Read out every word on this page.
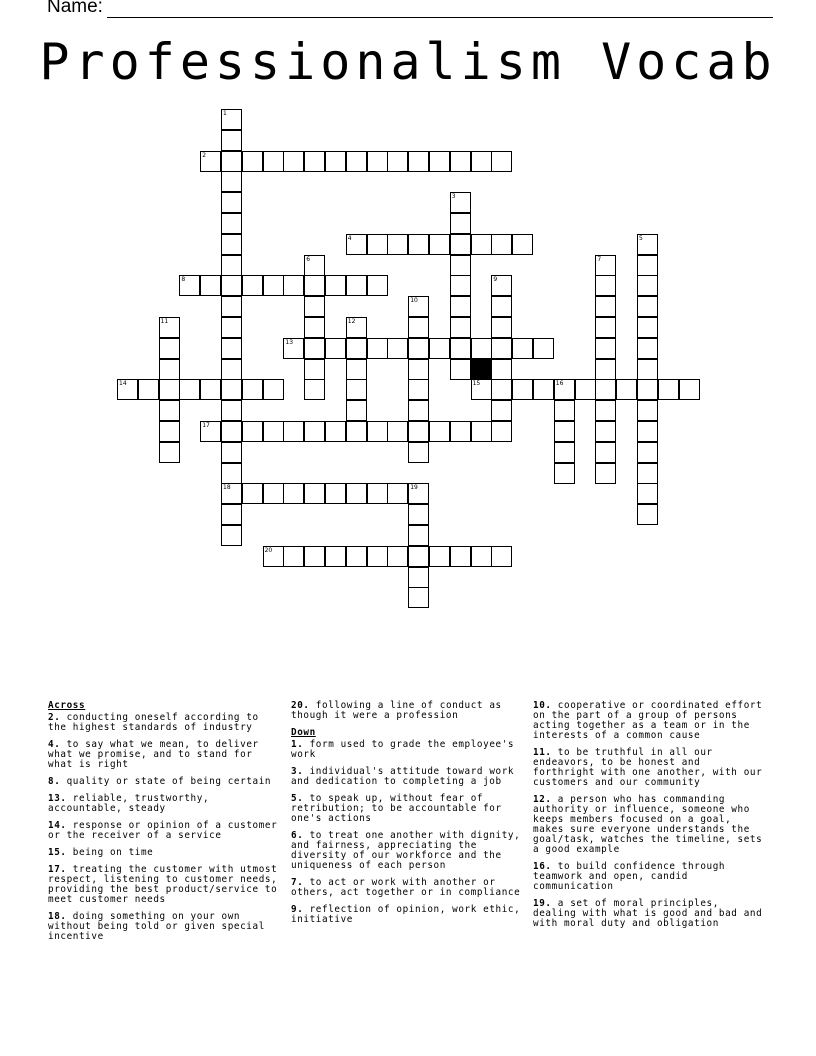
Name:
Professionalism Vocab
2
4
8
13
14	15	16
17
18	19
20
1
3
5
6	7
9
10
11	12
Across
2. conducting oneself according to the highest standards of industry
4. to say what we mean, to deliver what we promise, and to stand for what is right
8. quality or state of being certain
13. reliable, trustworthy, accountable, steady
14. response or opinion of a customer or the receiver of a service
15. being on time
17. treating the customer with utmost respect, listening to customer needs, providing the best product/service to meet customer needs
18. doing something on your own without being told or given special incentive
20. following a line of conduct as though it were a profession
Down
1. form used to grade the employee's work
3. individual's attitude toward work and dedication to completing a job
5. to speak up, without fear of retribution; to be accountable for one's actions
6. to treat one another with dignity, and fairness, appreciating the diversity of our workforce and the uniqueness of each person
7. to act or work with another or others, act together or in compliance
9. reflection of opinion, work ethic, initiative
10. cooperative or coordinated effort on the part of a group of persons acting together as a team or in the interests of a common cause
11. to be truthful in all our endeavors, to be honest and forthright with one another, with our customers and our community
12. a person who has commanding authority or influence, someone who keeps members focused on a goal, makes sure everyone understands the goal/task, watches the timeline, sets a good example
16. to build confidence through teamwork and open, candid communication
19. a set of moral principles, dealing with what is good and bad and with moral duty and obligation
